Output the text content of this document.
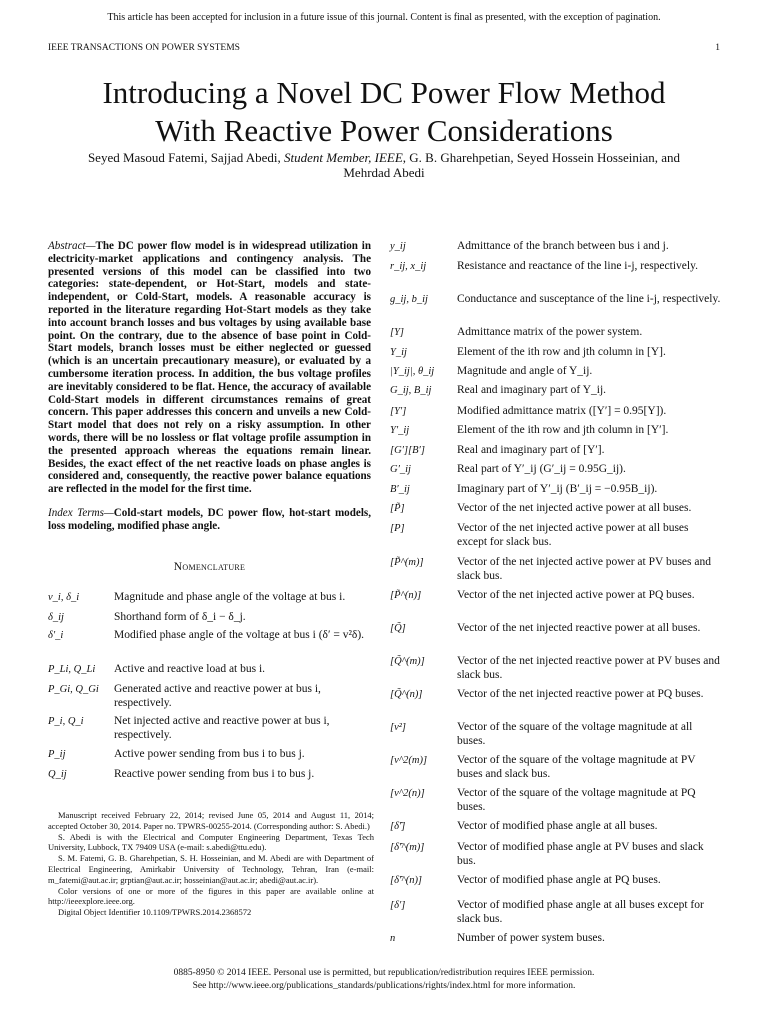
This article has been accepted for inclusion in a future issue of this journal. Content is final as presented, with the exception of pagination.
IEEE TRANSACTIONS ON POWER SYSTEMS	1
Introducing a Novel DC Power Flow Method
With Reactive Power Considerations
Seyed Masoud Fatemi, Sajjad Abedi, Student Member, IEEE, G. B. Gharehpetian, Seyed Hossein Hosseinian, and
Mehrdad Abedi
Abstract—The DC power flow model is in widespread utilization in electricity-market applications and contingency analysis. The presented versions of this model can be classified into two categories: state-dependent, or Hot-Start, models and state-independent, or Cold-Start, models. A reasonable accuracy is reported in the literature regarding Hot-Start models as they take into account branch losses and bus voltages by using available base point. On the contrary, due to the absence of base point in Cold-Start models, branch losses must be either neglected or guessed (which is an uncertain precautionary measure), or evaluated by a cumbersome iteration process. In addition, the bus voltage profiles are inevitably considered to be flat. Hence, the accuracy of available Cold-Start models in different circumstances remains of great concern. This paper addresses this concern and unveils a new Cold-Start model that does not rely on a risky assumption. In other words, there will be no lossless or flat voltage profile assumption in the presented approach whereas the equations remain linear. Besides, the exact effect of the net reactive loads on phase angles is considered and, consequently, the reactive power balance equations are reflected in the model for the first time.
Index Terms—Cold-start models, DC power flow, hot-start models, loss modeling, modified phase angle.
Nomenclature
v_i, δ_i	Magnitude and phase angle of the voltage at bus i.
δ_ij	Shorthand form of δ_i − δ_j.
δ′_i	Modified phase angle of the voltage at bus i (δ′ = v²δ).
P_Li, Q_Li	Active and reactive load at bus i.
P_Gi, Q_Gi	Generated active and reactive power at bus i, respectively.
P_i, Q_i	Net injected active and reactive power at bus i, respectively.
P_ij	Active power sending from bus i to bus j.
Q_ij	Reactive power sending from bus i to bus j.

Manuscript received February 22, 2014; revised June 05, 2014 and August 11, 2014; accepted October 30, 2014. Paper no. TPWRS-00255-2014. (Corresponding author: S. Abedi.)

S. Abedi is with the Electrical and Computer Engineering Department, Texas Tech University, Lubbock, TX 79409 USA (e-mail: s.abedi@ttu.edu).

S. M. Fatemi, G. B. Gharehpetian, S. H. Hosseinian, and M. Abedi are with Department of Electrical Engineering, Amirkabir University of Technology, Tehran, Iran (e-mail: m_fatemi@aut.ac.ir; grptian@aut.ac.ir; hosseinian@aut.ac.ir; abedi@aut.ac.ir).

Color versions of one or more of the figures in this paper are available online at http://ieeexplore.ieee.org.

Digital Object Identifier 10.1109/TPWRS.2014.2368572

y_ij	Admittance of the branch between bus i and j.
r_ij, x_ij	Resistance and reactance of the line i-j, respectively.
g_ij, b_ij	Conductance and susceptance of the line i-j, respectively.
[Y]	Admittance matrix of the power system.
Y_ij	Element of the ith row and jth column in [Y].
|Y_ij|, θ_ij	Magnitude and angle of Y_ij.
G_ij, B_ij	Real and imaginary part of Y_ij.
[Y′]	Modified admittance matrix ([Y′] = 0.95[Y]).
Y′_ij	Element of the ith row and jth column in [Y′].
[G′][B′]	Real and imaginary part of [Y′].
G′_ij	Real part of Y′_ij (G′_ij = 0.95G_ij).
B′_ij	Imaginary part of Y′_ij (B′_ij = −0.95B_ij).
[P̃]	Vector of the net injected active power at all buses.
[P]	Vector of the net injected active power at all buses except for slack bus.
[P̃^(m)]	Vector of the net injected active power at PV buses and slack bus.
[P̃^(n)]	Vector of the net injected active power at PQ buses.
[Q̃]	Vector of the net injected reactive power at all buses.
[Q̃^(m)]	Vector of the net injected reactive power at PV buses and slack bus.
[Q̃^(n)]	Vector of the net injected reactive power at PQ buses.
[v²]	Vector of the square of the voltage magnitude at all buses.
[v^2(m)]	Vector of the square of the voltage magnitude at PV buses and slack bus.
[v^2(n)]	Vector of the square of the voltage magnitude at PQ buses.
[δ̃′]	Vector of modified phase angle at all buses.
[δ̃′^(m)]	Vector of modified phase angle at PV buses and slack bus.
[δ̃′^(n)]	Vector of modified phase angle at PQ buses.
[δ′]	Vector of modified phase angle at all buses except for slack bus.
n	Number of power system buses.
0885-8950 © 2014 IEEE. Personal use is permitted, but republication/redistribution requires IEEE permission.
See http://www.ieee.org/publications_standards/publications/rights/index.html for more information.
